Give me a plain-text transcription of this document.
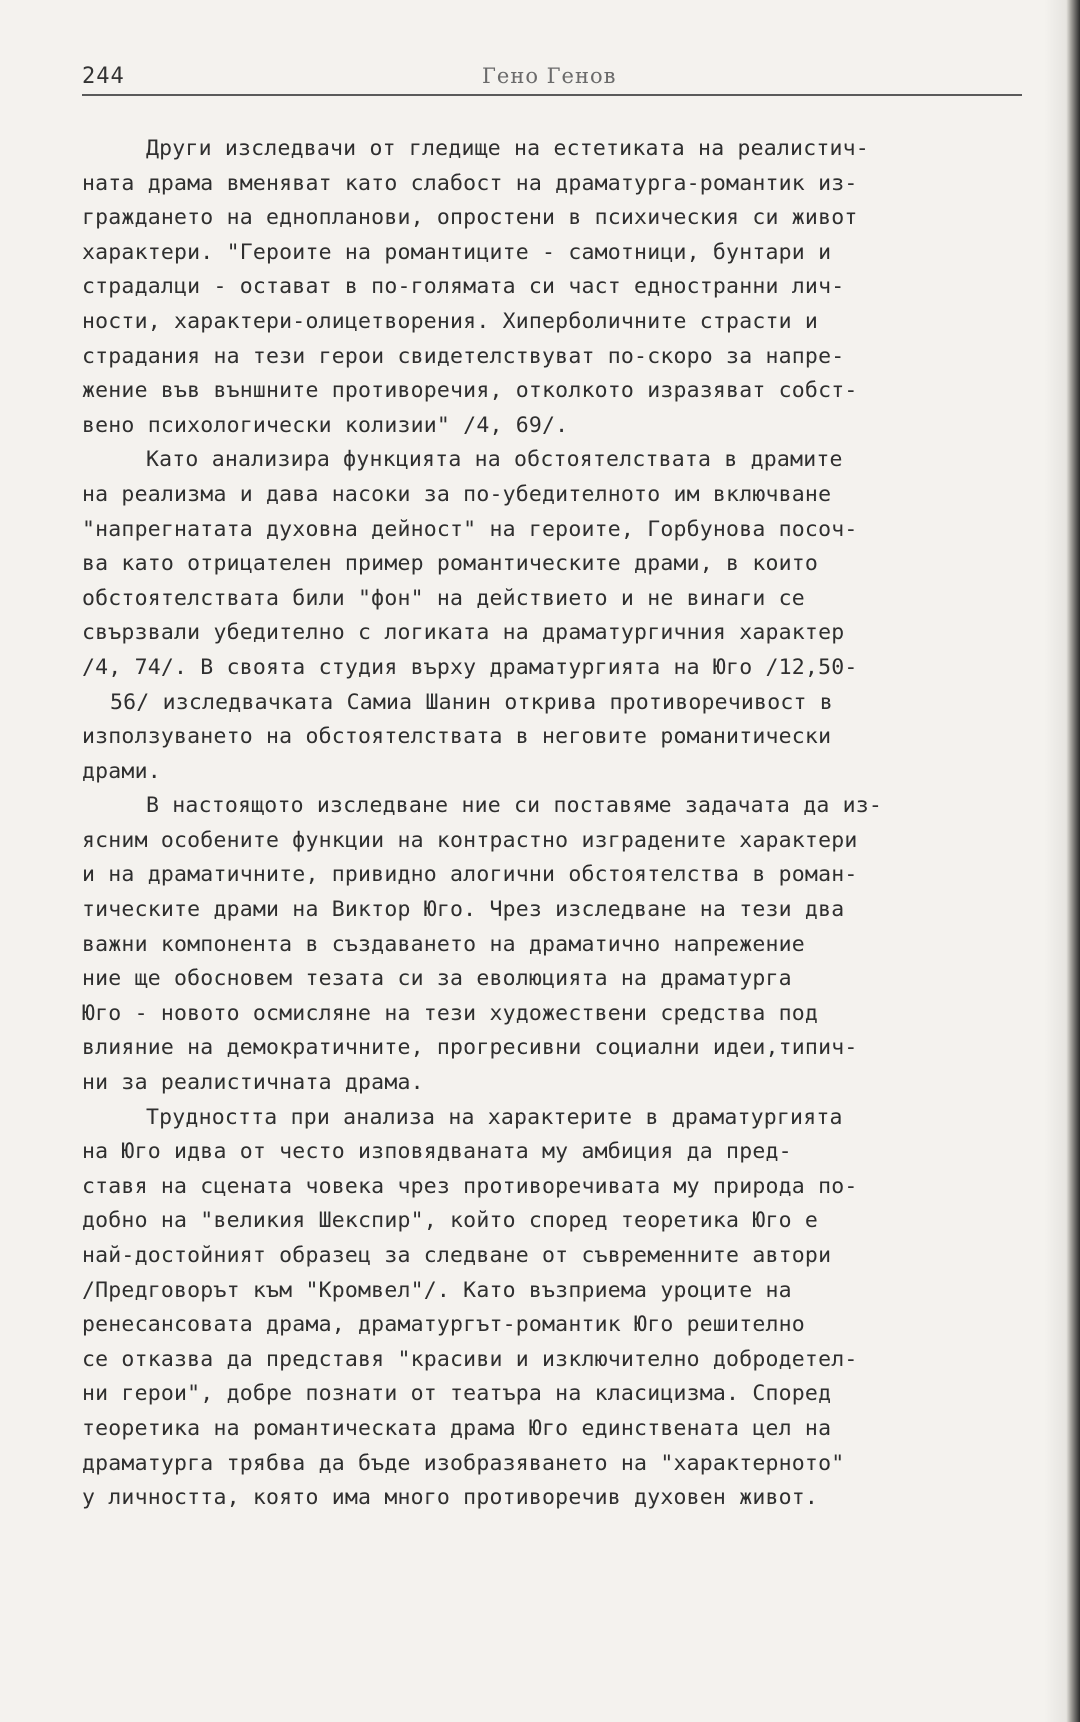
244	Гено Генов
Други изследвачи от гледище на естетиката на реалистич-
ната драма вменяват като слабост на драматурга-романтик из-
граждането на еднопланови, опростени в психическия си живот
характери. "Героите на романтиците - самотници, бунтари и
страдалци - остават в по-голямата си част едностранни лич-
ности, характери-олицетворения. Хиперболичните страсти и
страдания на тези герои свидетелствуват по-скоро за напре-
жение във външните противоречия, отколкото изразяват собст-
вено психологически колизии" /4, 69/.
Като анализира функцията на обстоятелствата в драмите
на реализма и дава насоки за по-убедителното им включване
"напрегнатата духовна дейност" на героите, Горбунова посоч-
ва като отрицателен пример романтическите драми, в които
обстоятелствата били "фон" на действието и не винаги се
свързвали убедително с логиката на драматургичния характер
/4, 74/. В своята студия върху драматургията на Юго /12,50-
56/ изследвачката Самиа Шанин открива противоречивост в
използуването на обстоятелствата в неговите романитически
драми.
В настоящото изследване ние си поставяме задачата да из-
ясним особените функции на контрастно изградените характери
и на драматичните, привидно алогични обстоятелства в роман-
тическите драми на Виктор Юго. Чрез изследване на тези два
важни компонента в създаването на драматично напрежение
ние ще обосновем тезата си за еволюцията на драматурга
Юго - новото осмисляне на тези художествени средства под
влияние на демократичните, прогресивни социални идеи,типич-
ни за реалистичната драма.
Трудността при анализа на характерите в драматургията
на Юго идва от често изповядваната му амбиция да пред-
ставя на сцената човека чрез противоречивата му природа по-
добно на "великия Шекспир", който според теоретика Юго е
най-достойният образец за следване от съвременните автори
/Предговорът към "Кромвел"/. Като възприема уроците на
ренесансовата драма, драматургът-романтик Юго решително
се отказва да представя "красиви и изключително добродетел-
ни герои", добре познати от театъра на класицизма. Според
теоретика на романтическата драма Юго единствената цел на
драматурга трябва да бъде изобразяването на "характерното"
у личността, която има много противоречив духовен живот.
